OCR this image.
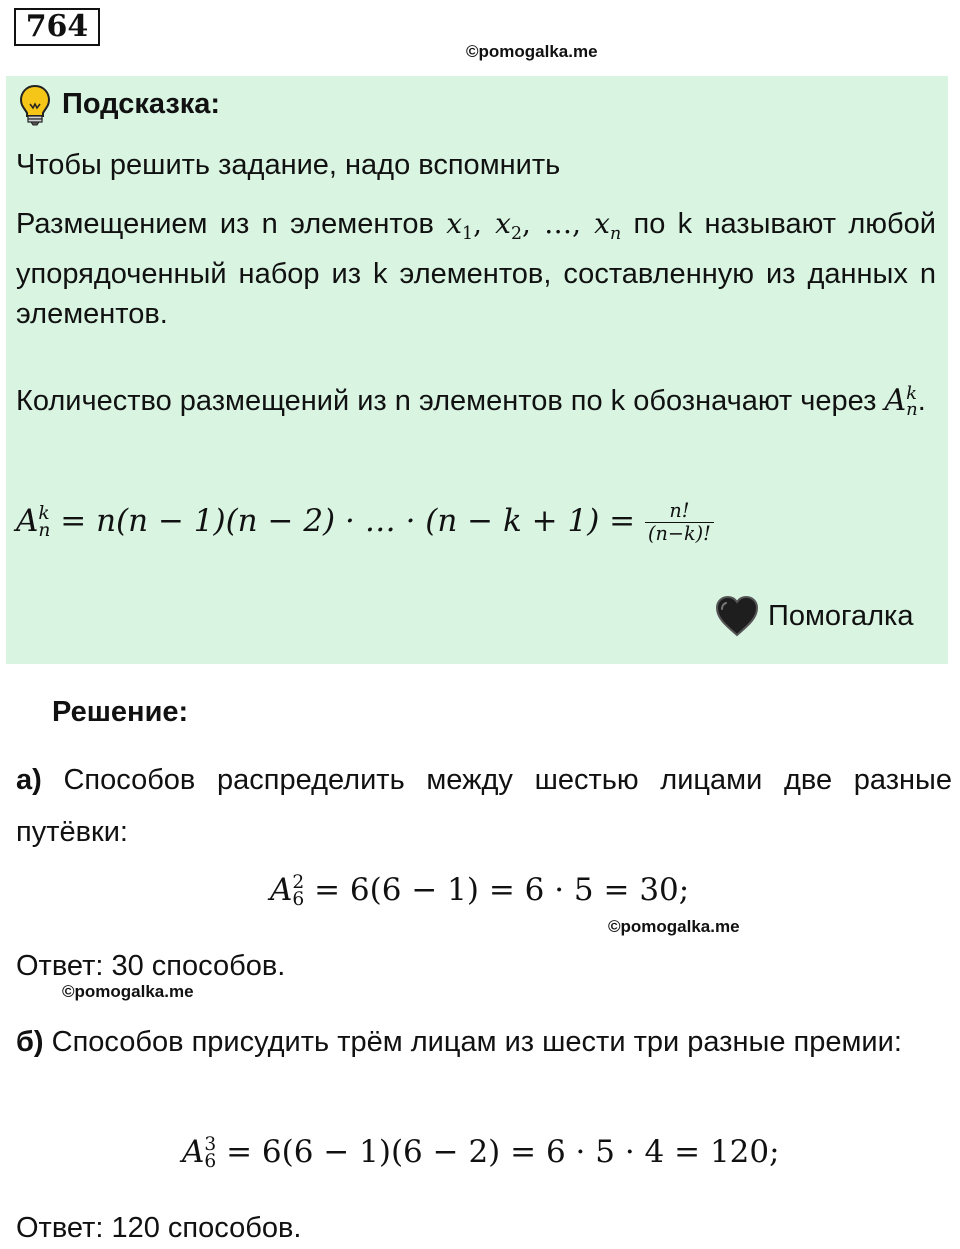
764
©pomogalka.me
Подсказка:
Чтобы решить задание, надо вспомнить
Размещением из n элементов $x_1$, $x_2$, …, $x_n$ по k называют любой упорядоченный набор из k элементов, составленную из данных n элементов.
Количество размещений из n элементов по k обозначают через A k
n .
A k
n = n(n − 1)(n − 2) · … · $(n - k + 1) = \frac{n!}{(n-k)!}$
Помогалка
Решение:
а) Способов распределить между шестью лицами две разные путёвки:
A 2
6 = 6(6 − 1) = 6 · 5 = 30;
©pomogalka.me
Ответ: 30 способов.
©pomogalka.me
б) Способов присудить трём лицам из шести три разные премии:
A 3
6 = 6(6 − 1)(6 − 2) = 6 · 5 · 4 = 120;
Ответ: 120 способов.
